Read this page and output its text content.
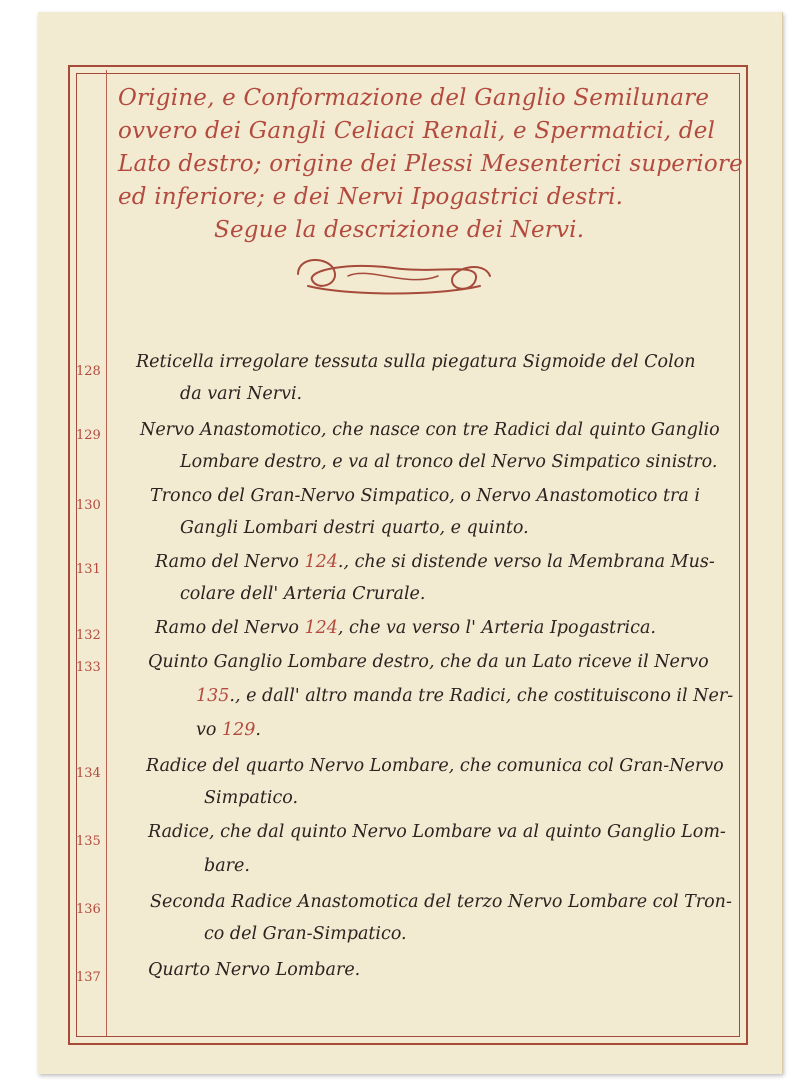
Origine, e Conformazione del Ganglio Semilunare
ovvero dei Gangli Celiaci Renali, e Spermatici, del
Lato destro; origine dei Plessi Mesenterici superiore
ed inferiore; e dei Nervi Ipogastrici destri.
Segue la descrizione dei Nervi.
128	Reticella irregolare tessuta sulla piegatura Sigmoide del Colon
da vari Nervi.
129	Nervo Anastomotico, che nasce con tre Radici dal quinto Ganglio
Lombare destro, e va al tronco del Nervo Simpatico sinistro.
130	Tronco del Gran-Nervo Simpatico, o Nervo Anastomotico tra i
Gangli Lombari destri quarto, e quinto.
131	Ramo del Nervo 124., che si distende verso la Membrana Mus-
colare dell' Arteria Crurale.
132	Ramo del Nervo 124, che va verso l' Arteria Ipogastrica.
133	Quinto Ganglio Lombare destro, che da un Lato riceve il Nervo
135., e dall' altro manda tre Radici, che costituiscono il Ner-
vo 129.
134	Radice del quarto Nervo Lombare, che comunica col Gran-Nervo
Simpatico.
135	Radice, che dal quinto Nervo Lombare va al quinto Ganglio Lom-
bare.
136	Seconda Radice Anastomotica del terzo Nervo Lombare col Tron-
co del Gran-Simpatico.
137	Quarto Nervo Lombare.
